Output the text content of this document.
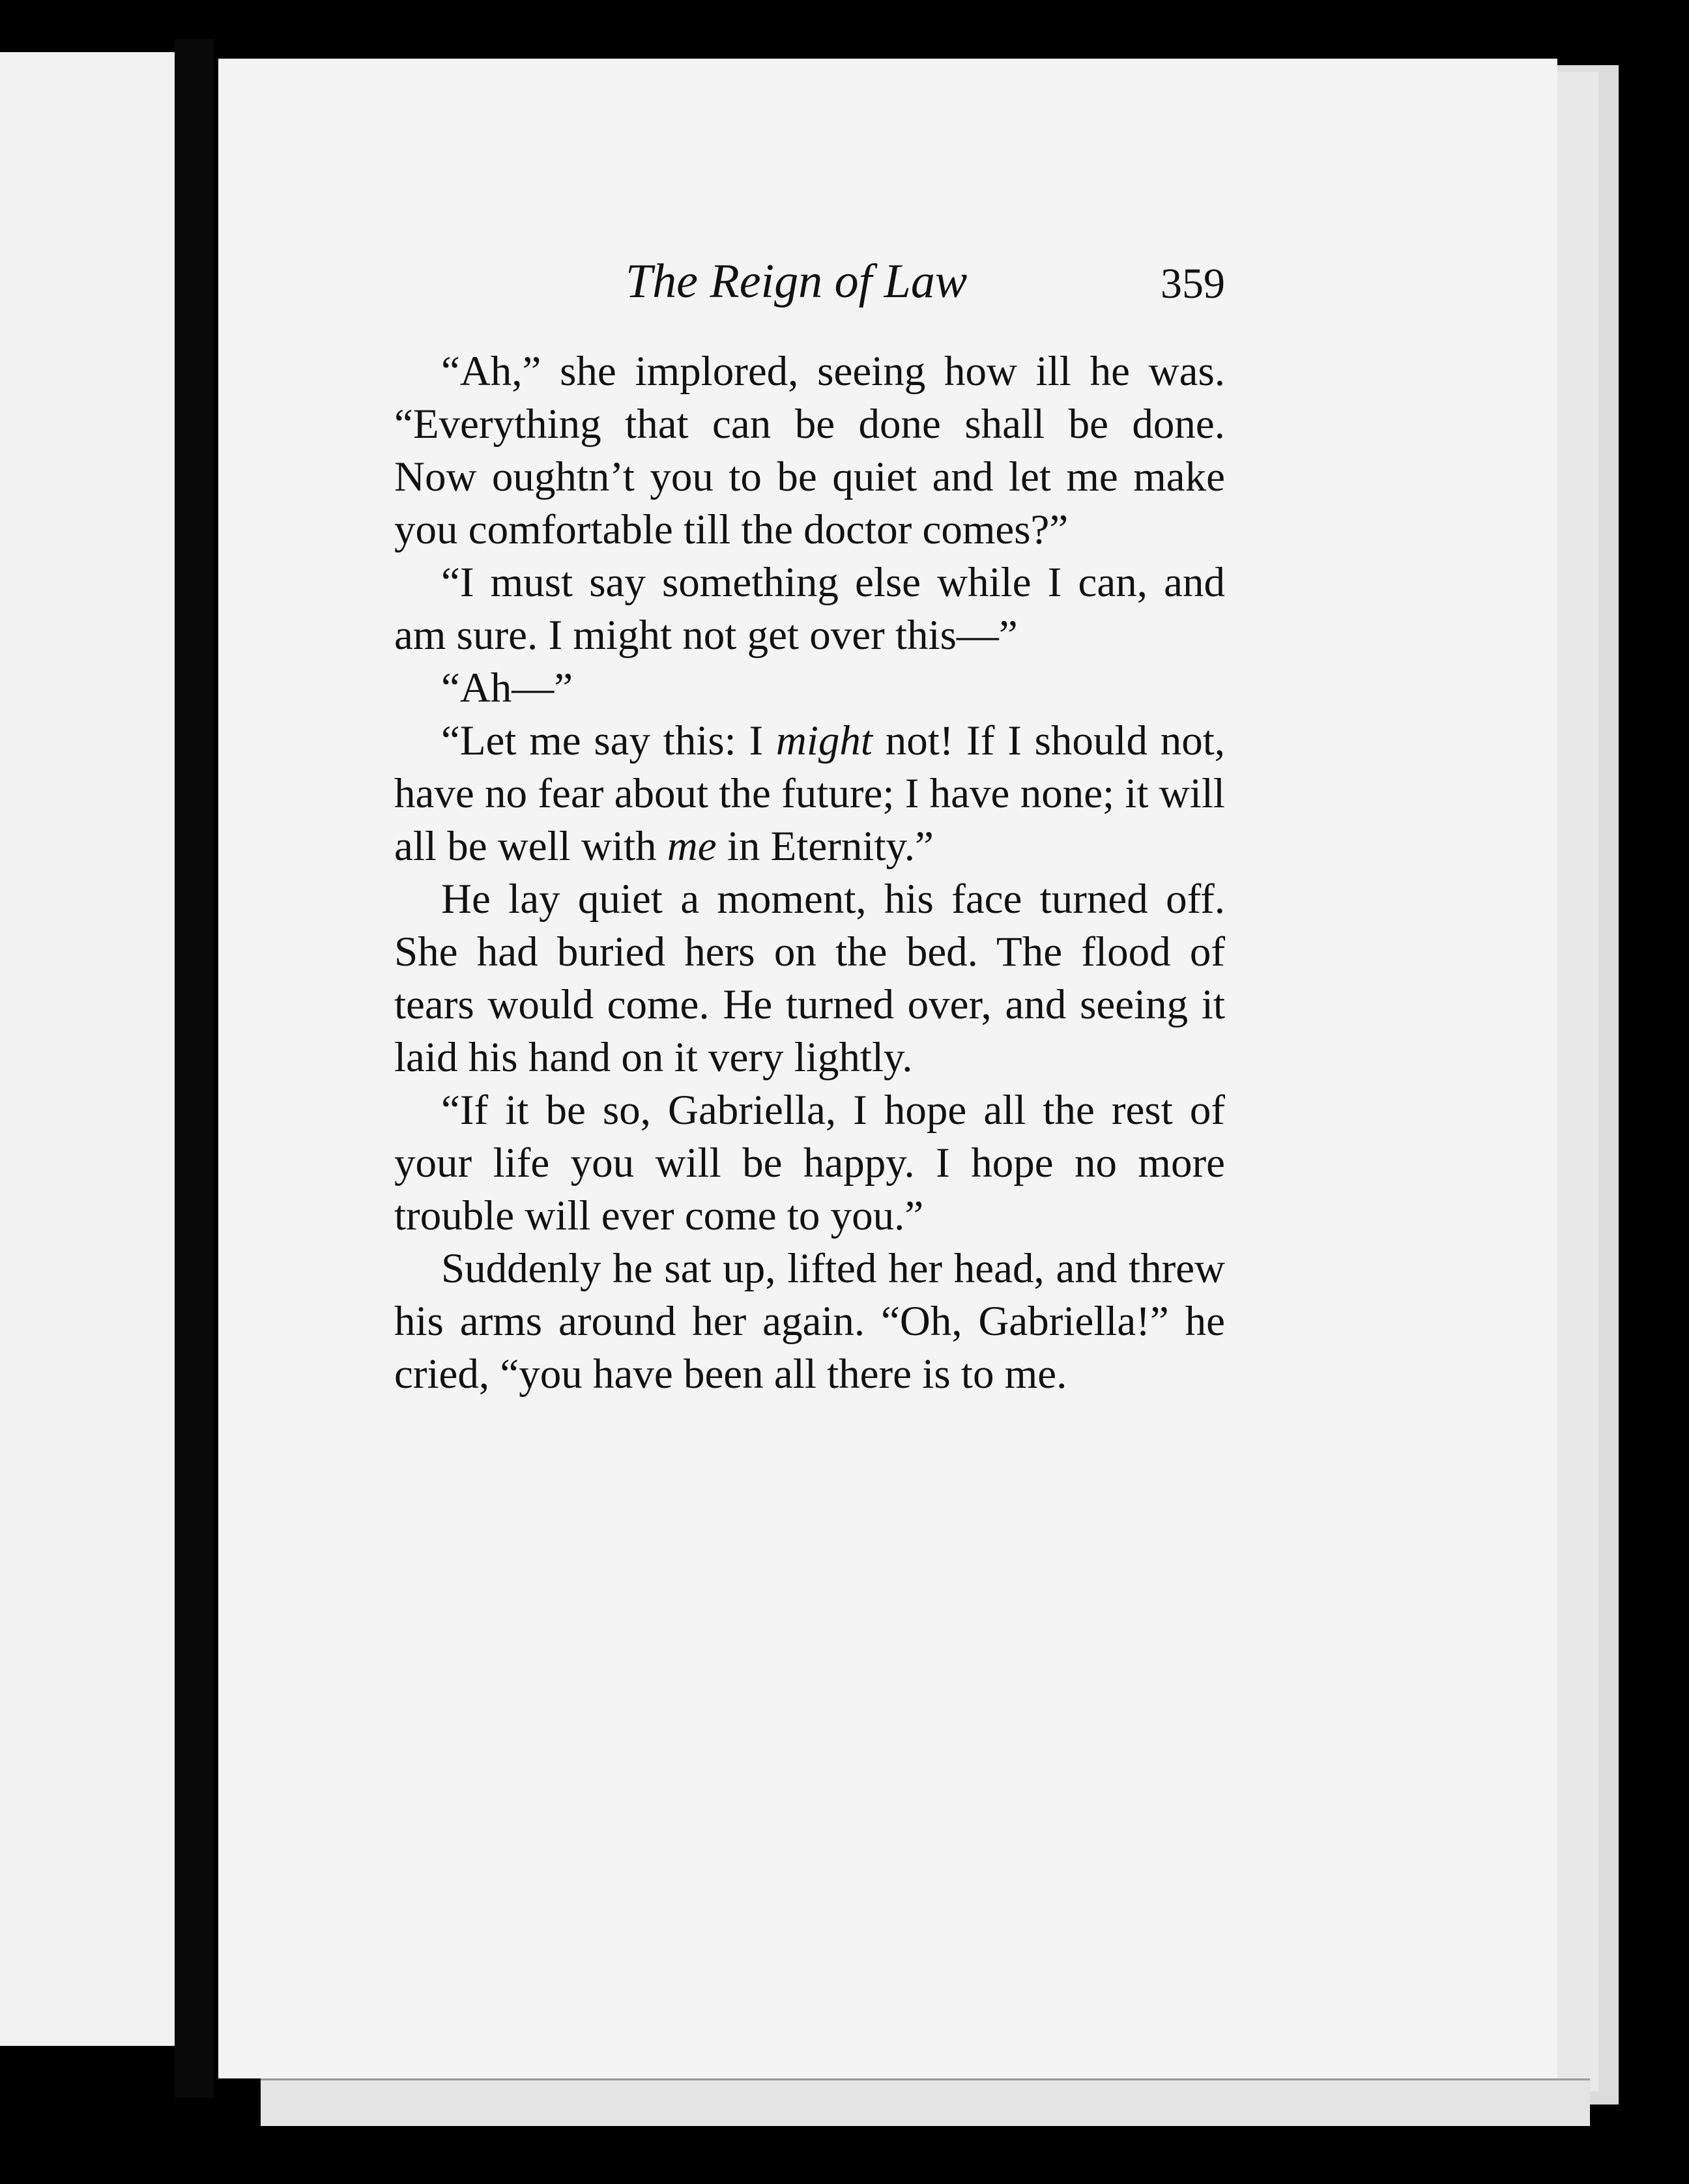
The Reign of Law	359

“Ah,” she implored, seeing how ill he was. “Everything that can be done shall be done. Now oughtn’t you to be quiet and let me make you comfortable till the doctor comes?”

“I must say something else while I can, and am sure. I might not get over this—”

“Ah—”

“Let me say this: I might not! If I should not, have no fear about the future; I have none; it will all be well with me in Eternity.”

He lay quiet a moment, his face turned off. She had buried hers on the bed. The flood of tears would come. He turned over, and seeing it laid his hand on it very lightly.

“If it be so, Gabriella, I hope all the rest of your life you will be happy. I hope no more trouble will ever come to you.”

Suddenly he sat up, lifted her head, and threw his arms around her again. “Oh, Gabriella!” he cried, “you have been all there is to me.
